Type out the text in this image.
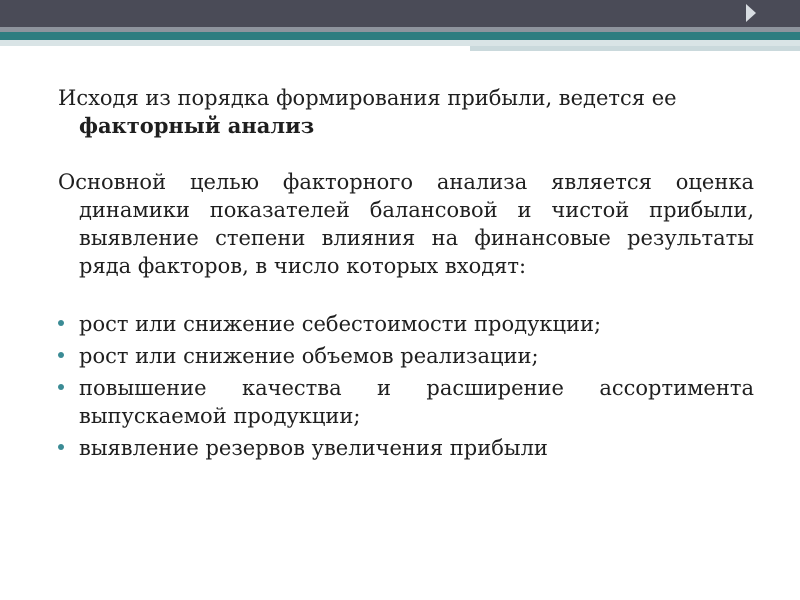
Исходя из порядка формирования прибыли, ведется ее
факторный анализ

Основной целью факторного анализа является оценка динамики показателей балансовой и чистой прибыли, выявление степени влияния на финансовые результаты ряда факторов, в число которых входят:

рост или снижение себестоимости продукции;
рост или снижение объемов реализации;
повышение качества и расширение ассортимента выпускаемой продукции;
выявление резервов увеличения прибыли
